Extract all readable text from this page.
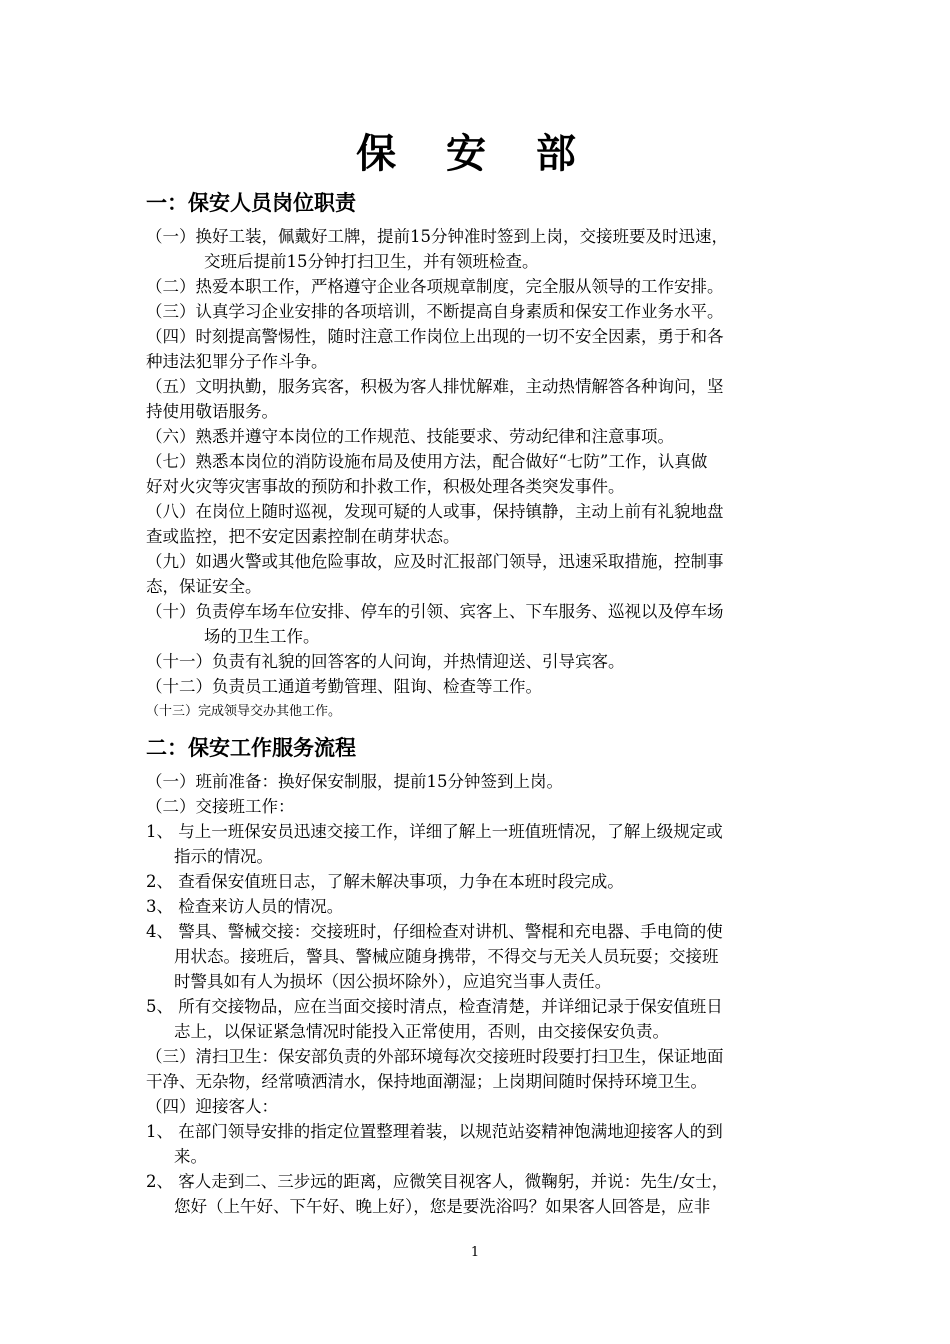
保 安 部
一：保安人员岗位职责
（一）换好工装，佩戴好工牌，提前15分钟准时签到上岗，交接班要及时迅速，
交班后提前15分钟打扫卫生，并有领班检查。
（二）热爱本职工作，严格遵守企业各项规章制度，完全服从领导的工作安排。
（三）认真学习企业安排的各项培训，不断提高自身素质和保安工作业务水平。
（四）时刻提高警惕性，随时注意工作岗位上出现的一切不安全因素，勇于和各
种违法犯罪分子作斗争。
（五）文明执勤，服务宾客，积极为客人排忧解难，主动热情解答各种询问，坚
持使用敬语服务。
（六）熟悉并遵守本岗位的工作规范、技能要求、劳动纪律和注意事项。
（七）熟悉本岗位的消防设施布局及使用方法，配合做好“七防”工作，认真做
好对火灾等灾害事故的预防和扑救工作，积极处理各类突发事件。
（八）在岗位上随时巡视，发现可疑的人或事，保持镇静，主动上前有礼貌地盘
查或监控，把不安定因素控制在萌芽状态。
（九）如遇火警或其他危险事故，应及时汇报部门领导，迅速采取措施，控制事
态，保证安全。
（十）负责停车场车位安排、停车的引领、宾客上、下车服务、巡视以及停车场
场的卫生工作。
（十一）负责有礼貌的回答客的人问询，并热情迎送、引导宾客。
（十二）负责员工通道考勤管理、阻询、检查等工作。
（十三）完成领导交办其他工作。
二：保安工作服务流程
（一）班前准备：换好保安制服，提前15分钟签到上岗。
（二）交接班工作：
1、 与上一班保安员迅速交接工作，详细了解上一班值班情况，了解上级规定或
指示的情况。
2、 查看保安值班日志，了解未解决事项，力争在本班时段完成。
3、 检查来访人员的情况。
4、 警具、警械交接：交接班时，仔细检查对讲机、警棍和充电器、手电筒的使
用状态。接班后，警具、警械应随身携带，不得交与无关人员玩耍；交接班
时警具如有人为损坏（因公损坏除外），应追究当事人责任。
5、 所有交接物品，应在当面交接时清点，检查清楚，并详细记录于保安值班日
志上，以保证紧急情况时能投入正常使用，否则，由交接保安负责。
（三）清扫卫生：保安部负责的外部环境每次交接班时段要打扫卫生，保证地面
干净、无杂物，经常喷洒清水，保持地面潮湿；上岗期间随时保持环境卫生。
（四）迎接客人：
1、 在部门领导安排的指定位置整理着装，以规范站姿精神饱满地迎接客人的到
来。
2、 客人走到二、三步远的距离，应微笑目视客人，微鞠躬，并说：先生/女士，
您好（上午好、下午好、晚上好），您是要洗浴吗？如果客人回答是，应非
1
